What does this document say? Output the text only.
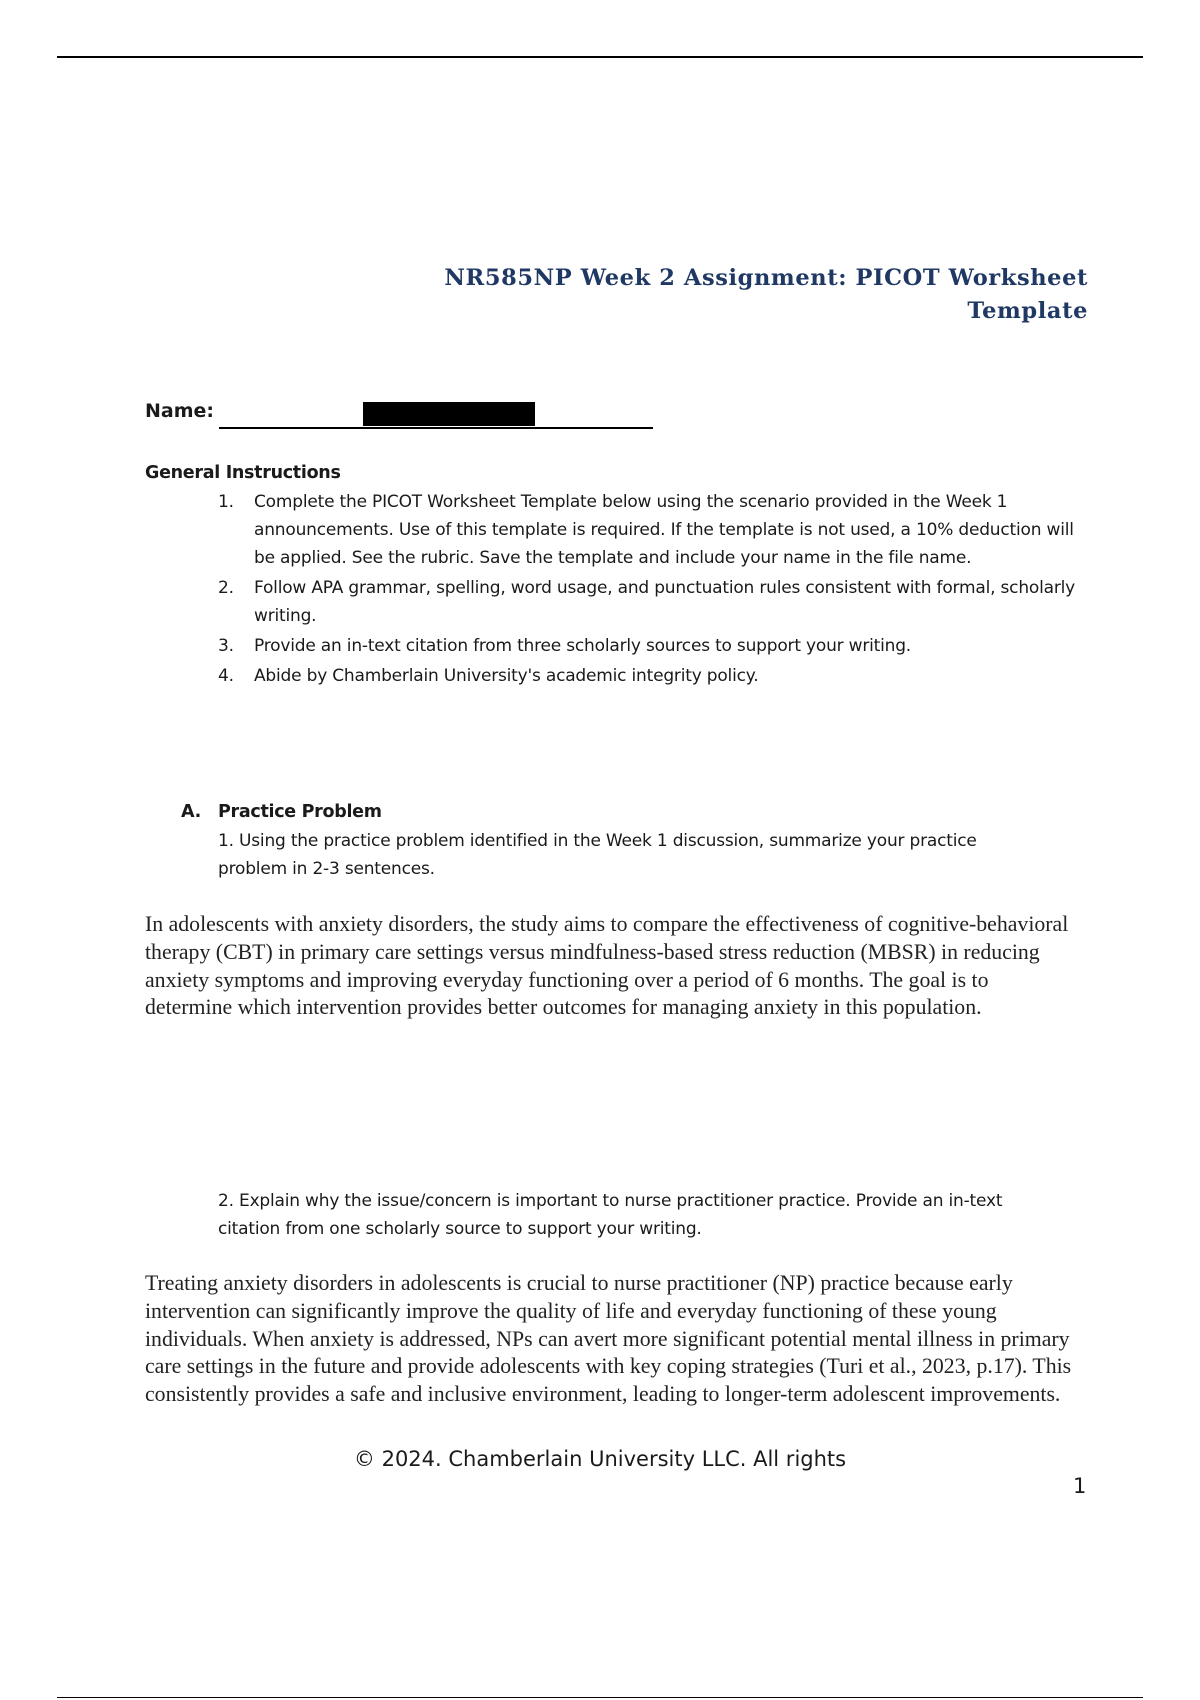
NR585NP Week 2 Assignment: PICOT Worksheet
Template
Name:
General Instructions
1. Complete the PICOT Worksheet Template below using the scenario provided in the Week 1 announcements. Use of this template is required. If the template is not used, a 10% deduction will be applied. See the rubric. Save the template and include your name in the file name.
2. Follow APA grammar, spelling, word usage, and punctuation rules consistent with formal, scholarly writing.
3. Provide an in-text citation from three scholarly sources to support your writing.
4. Abide by Chamberlain University's academic integrity policy.
A. Practice Problem
1. Using the practice problem identified in the Week 1 discussion, summarize your practice problem in 2-3 sentences.
In adolescents with anxiety disorders, the study aims to compare the effectiveness of cognitive-behavioral therapy (CBT) in primary care settings versus mindfulness-based stress reduction (MBSR) in reducing anxiety symptoms and improving everyday functioning over a period of 6 months. The goal is to determine which intervention provides better outcomes for managing anxiety in this population.
2. Explain why the issue/concern is important to nurse practitioner practice. Provide an in-text citation from one scholarly source to support your writing.
Treating anxiety disorders in adolescents is crucial to nurse practitioner (NP) practice because early intervention can significantly improve the quality of life and everyday functioning of these young individuals. When anxiety is addressed, NPs can avert more significant potential mental illness in primary care settings in the future and provide adolescents with key coping strategies (Turi et al., 2023, p.17). This consistently provides a safe and inclusive environment, leading to longer-term adolescent improvements.
© 2024. Chamberlain University LLC. All rights
1
